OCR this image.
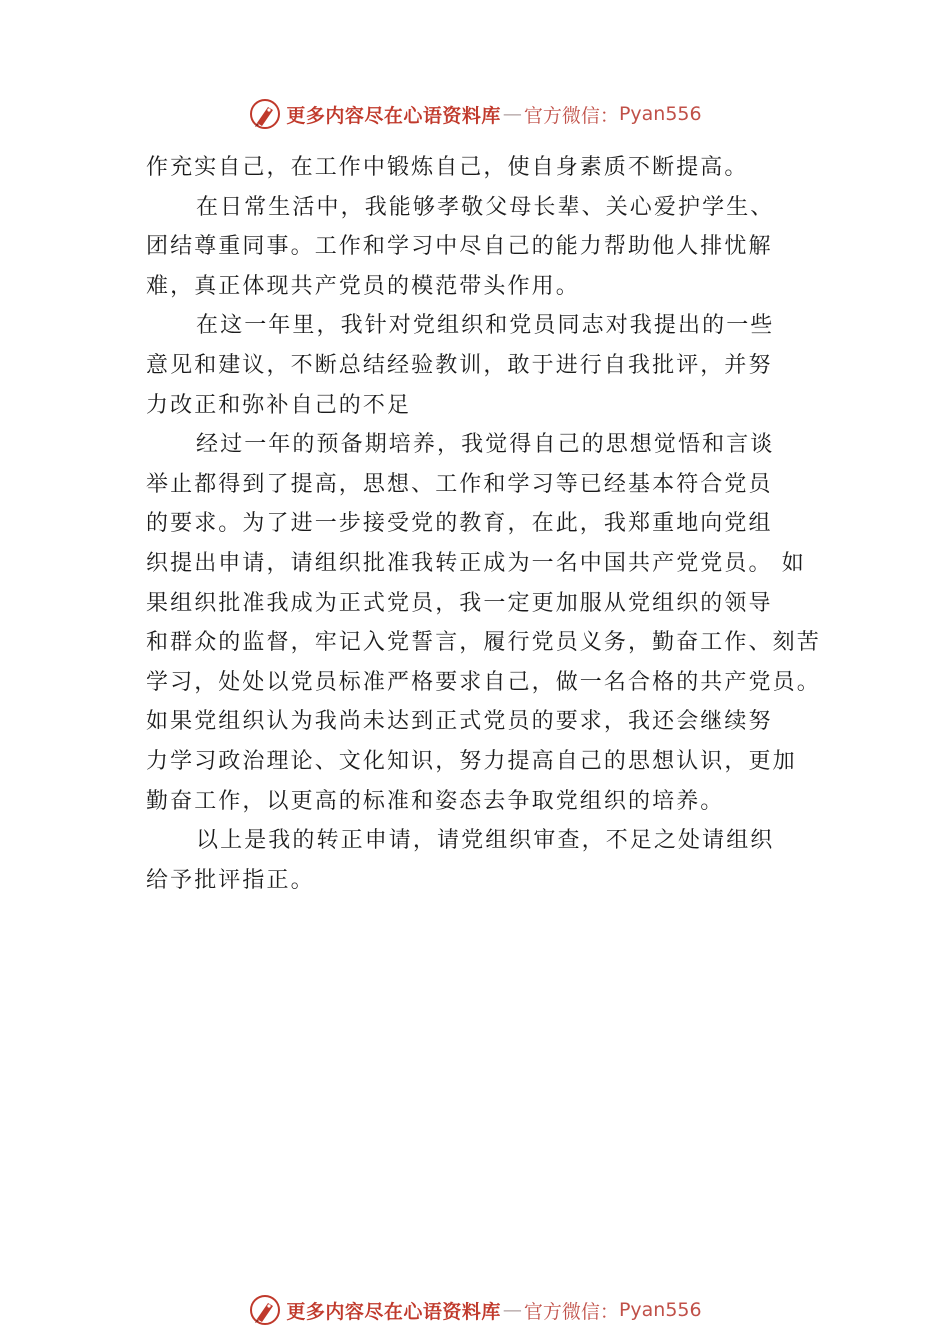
更多内容尽在心语资料库 — 官方微信： Pyan556
作充实自己，在工作中锻炼自己，使自身素质不断提高。
在日常生活中，我能够孝敬父母长辈、关心爱护学生、
团结尊重同事。工作和学习中尽自己的能力帮助他人排忧解
难，真正体现共产党员的模范带头作用。
在这一年里，我针对党组织和党员同志对我提出的一些
意见和建议，不断总结经验教训，敢于进行自我批评，并努
力改正和弥补自己的不足
经过一年的预备期培养，我觉得自己的思想觉悟和言谈
举止都得到了提高，思想、工作和学习等已经基本符合党员
的要求。为了进一步接受党的教育，在此，我郑重地向党组
织提出申请，请组织批准我转正成为一名中国共产党党员。 如
果组织批准我成为正式党员，我一定更加服从党组织的领导
和群众的监督，牢记入党誓言，履行党员义务，勤奋工作、刻苦
学习，处处以党员标准严格要求自己，做一名合格的共产党员。
如果党组织认为我尚未达到正式党员的要求，我还会继续努
力学习政治理论、文化知识，努力提高自己的思想认识，更加
勤奋工作，以更高的标准和姿态去争取党组织的培养。
以上是我的转正申请，请党组织审查，不足之处请组织
给予批评指正。
更多内容尽在心语资料库 — 官方微信： Pyan556
